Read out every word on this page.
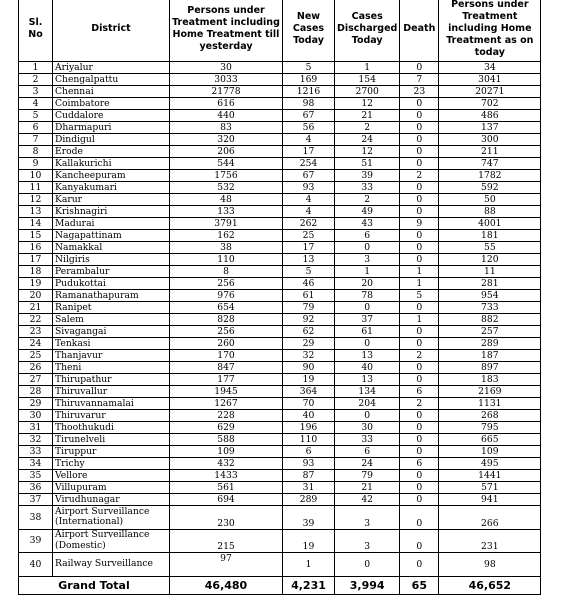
Sl. No	District	Persons under Treatment including Home Treatment till yesterday	New Cases Today	Cases Discharged Today	Death	Persons under Treatment including Home Treatment as on today
1	Ariyalur	30	5	1	0	34
2	Chengalpattu	3033	169	154	7	3041
3	Chennai	21778	1216	2700	23	20271
4	Coimbatore	616	98	12	0	702
5	Cuddalore	440	67	21	0	486
6	Dharmapuri	83	56	2	0	137
7	Dindigul	320	4	24	0	300
8	Erode	206	17	12	0	211
9	Kallakurichi	544	254	51	0	747
10	Kancheepuram	1756	67	39	2	1782
11	Kanyakumari	532	93	33	0	592
12	Karur	48	4	2	0	50
13	Krishnagiri	133	4	49	0	88
14	Madurai	3791	262	43	9	4001
15	Nagapattinam	162	25	6	0	181
16	Namakkal	38	17	0	0	55
17	Nilgiris	110	13	3	0	120
18	Perambalur	8	5	1	1	11
19	Pudukottai	256	46	20	1	281
20	Ramanathapuram	976	61	78	5	954
21	Ranipet	654	79	0	0	733
22	Salem	828	92	37	1	882
23	Sivagangai	256	62	61	0	257
24	Tenkasi	260	29	0	0	289
25	Thanjavur	170	32	13	2	187
26	Theni	847	90	40	0	897
27	Thirupathur	177	19	13	0	183
28	Thiruvallur	1945	364	134	6	2169
29	Thiruvannamalai	1267	70	204	2	1131
30	Thiruvarur	228	40	0	0	268
31	Thoothukudi	629	196	30	0	795
32	Tirunelveli	588	110	33	0	665
33	Tiruppur	109	6	6	0	109
34	Trichy	432	93	24	6	495
35	Vellore	1433	87	79	0	1441
36	Villupuram	561	31	21	0	571
37	Virudhunagar	694	289	42	0	941
38	Airport Surveillance (International)	230	39	3	0	266
39	Airport Surveillance (Domestic)	215	19	3	0	231
40	Railway Surveillance	97	1	0	0	98
Grand Total		46,480	4,231	3,994	65	46,652
